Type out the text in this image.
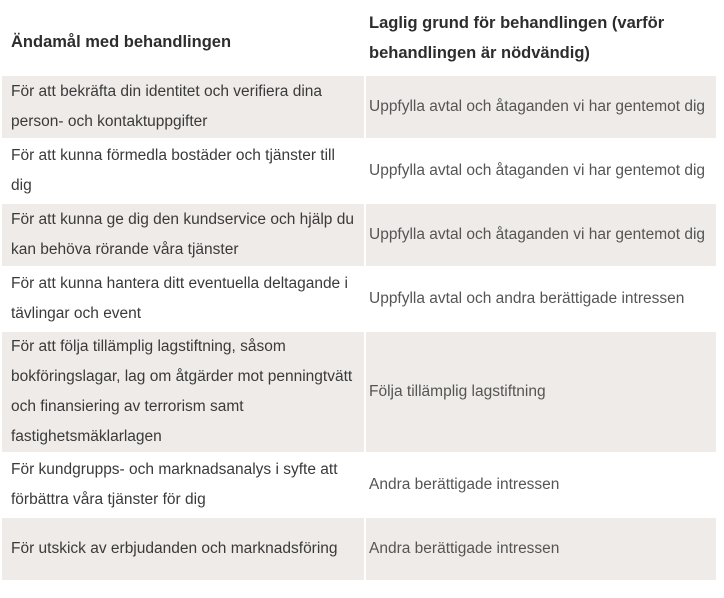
Ändamål med behandlingen
Laglig grund för behandlingen (varför behandlingen är nödvändig)
För att bekräfta din identitet och verifiera dina person- och kontaktuppgifter
Uppfylla avtal och åtaganden vi har gentemot dig
För att kunna förmedla bostäder och tjänster till dig
Uppfylla avtal och åtaganden vi har gentemot dig
För att kunna ge dig den kundservice och hjälp du kan behöva rörande våra tjänster
Uppfylla avtal och åtaganden vi har gentemot dig
För att kunna hantera ditt eventuella deltagande i tävlingar och event
Uppfylla avtal och andra berättigade intressen
För att följa tillämplig lagstiftning, såsom bokföringslagar, lag om åtgärder mot penningtvätt och finansiering av terrorism samt fastighetsmäklarlagen
Följa tillämplig lagstiftning
För kundgrupps- och marknadsanalys i syfte att förbättra våra tjänster för dig
Andra berättigade intressen
För utskick av erbjudanden och marknadsföring	Andra berättigade intressen
